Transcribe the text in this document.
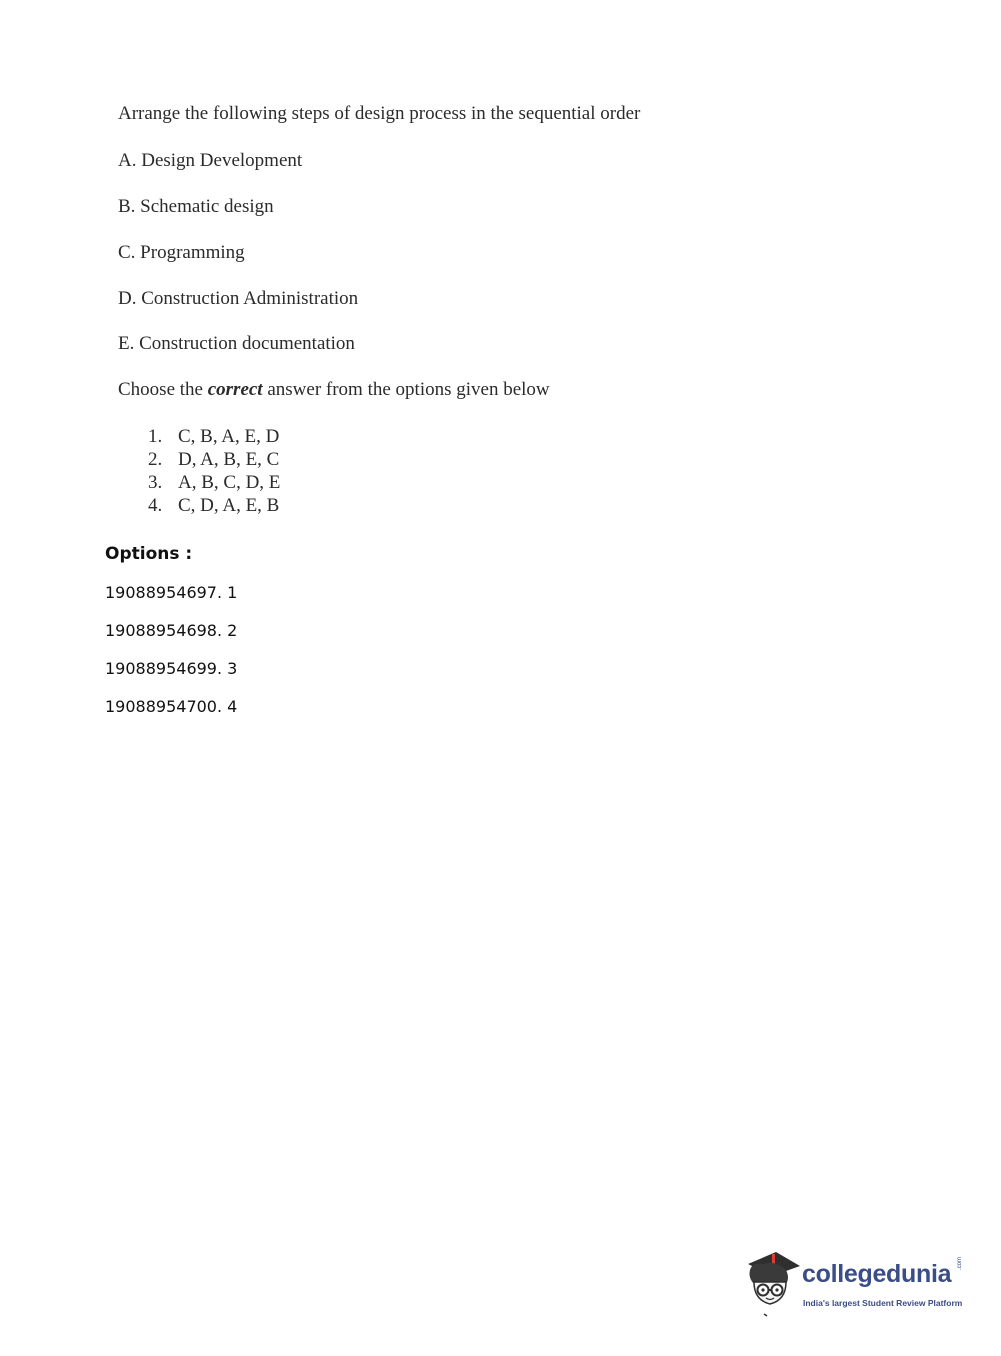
Arrange the following steps of design process in the sequential order
A. Design Development
B. Schematic design
C. Programming
D. Construction Administration
E. Construction documentation
Choose the correct answer from the options given below
1. C, B, A, E, D
2. D, A, B, E, C
3. A, B, C, D, E
4. C, D, A, E, B
Options :
19088954697. 1
19088954698. 2
19088954699. 3
19088954700. 4
collegedunia .com
India's largest Student Review Platform
